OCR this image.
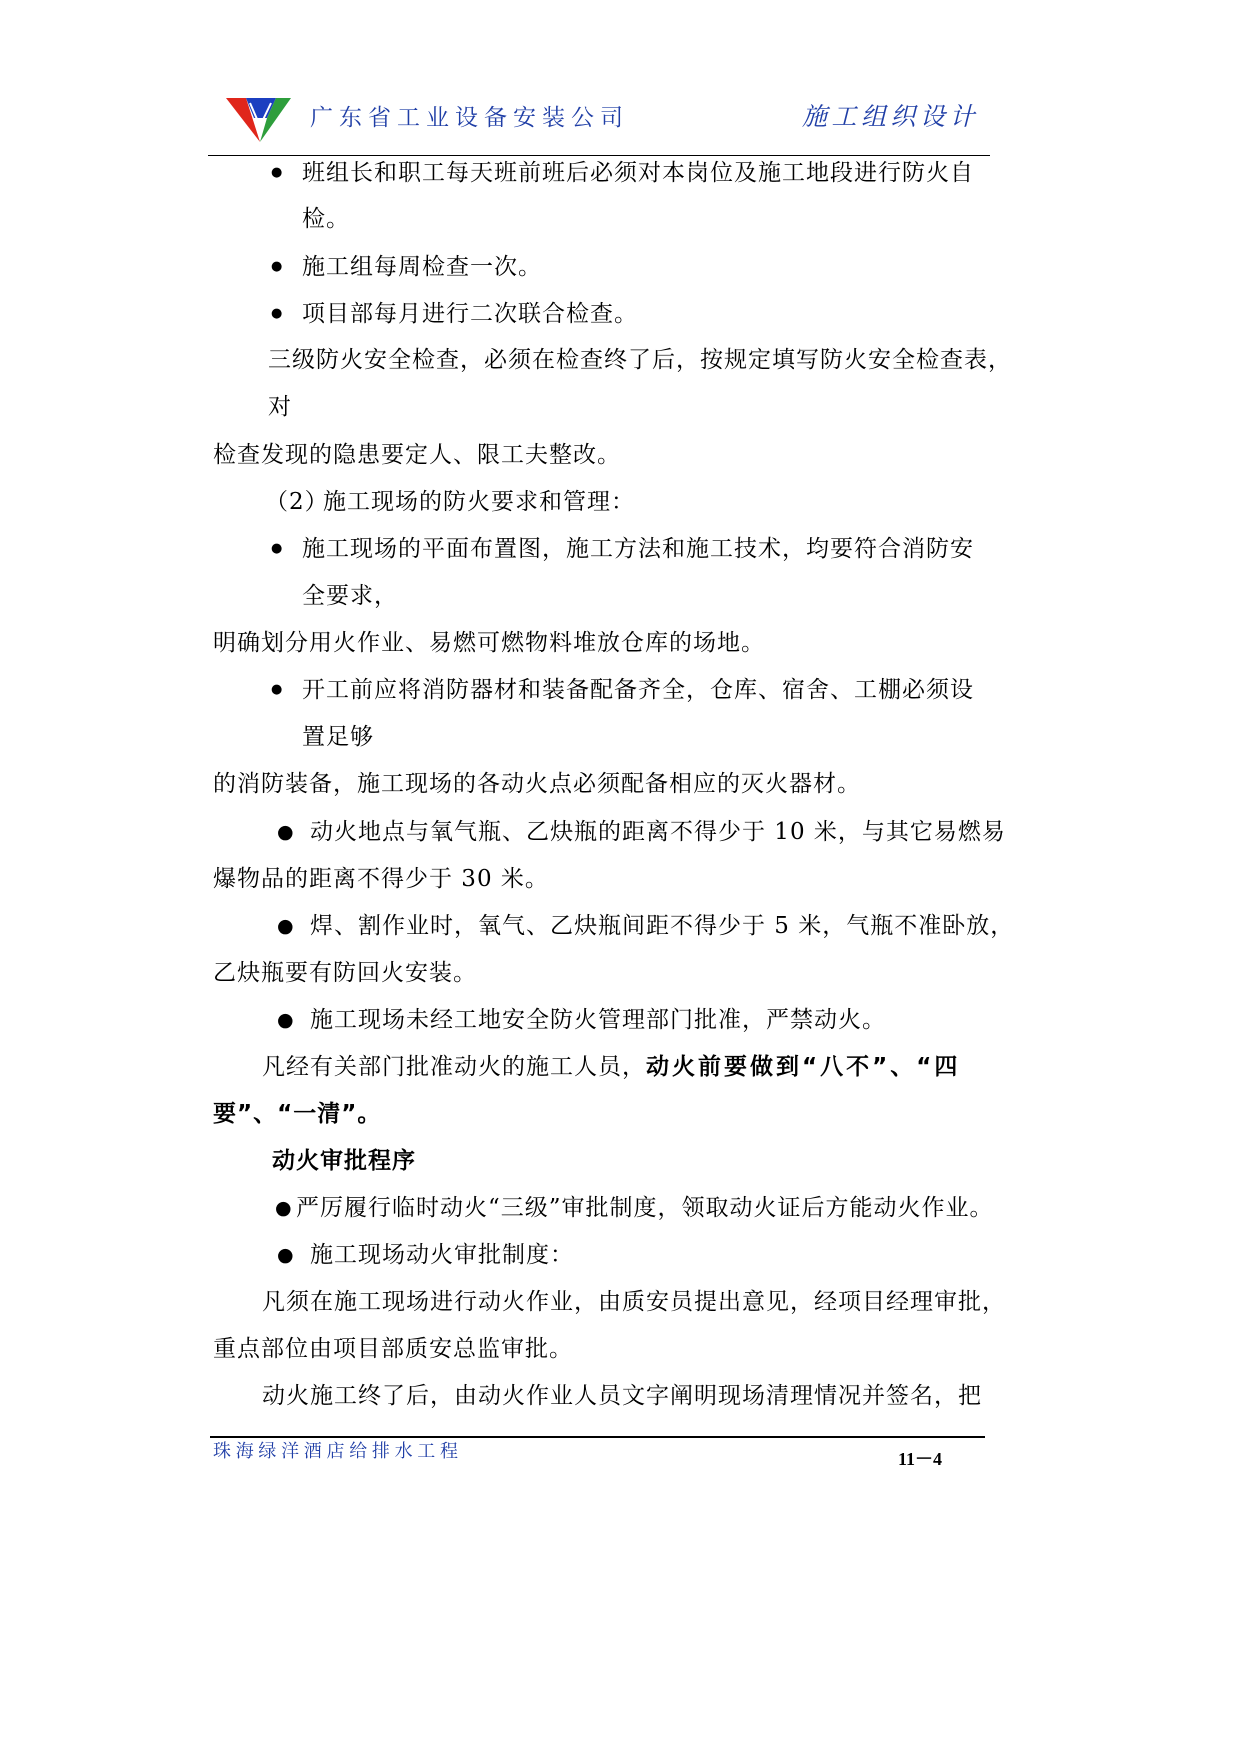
广东省工业设备安装公司	施工组织设计
● 班组长和职工每天班前班后必须对本岗位及施工地段进行防火自
检。
● 施工组每周检查一次。
● 项目部每月进行二次联合检查。
三级防火安全检查，必须在检查终了后，按规定填写防火安全检查表，
对
检查发现的隐患要定人、限工夫整改。
（2）
施工现场的防火要求和管理：
● 施工现场的平面布置图，施工方法和施工技术，均要符合消防安
全要求，
明确划分用火作业、易燃可燃物料堆放仓库的场地。
● 开工前应将消防器材和装备配备齐全，仓库、宿舍、工棚必须设
置足够
的消防装备，施工现场的各动火点必须配备相应的灭火器材。
● 动火地点与氧气瓶、乙炔瓶的距离不得少于 10 米，与其它易燃易
爆物品的距离不得少于 30 米。
● 焊、割作业时，氧气、乙炔瓶间距不得少于 5 米，气瓶不准卧放，
乙炔瓶要有防回火安装。
● 施工现场未经工地安全防火管理部门批准，严禁动火。
凡经有关部门批准动火的施工人员，动火前要做到“八不”、“四
要”、“一清”。
动火审批程序
● 严厉履行临时动火“三级”审批制度，领取动火证后方能动火作业。
● 施工现场动火审批制度：
凡须在施工现场进行动火作业，由质安员提出意见，经项目经理审批，
重点部位由项目部质安总监审批。
动火施工终了后，由动火作业人员文字阐明现场清理情况并签名，把
珠海绿洋酒店给排水工程	11－4
